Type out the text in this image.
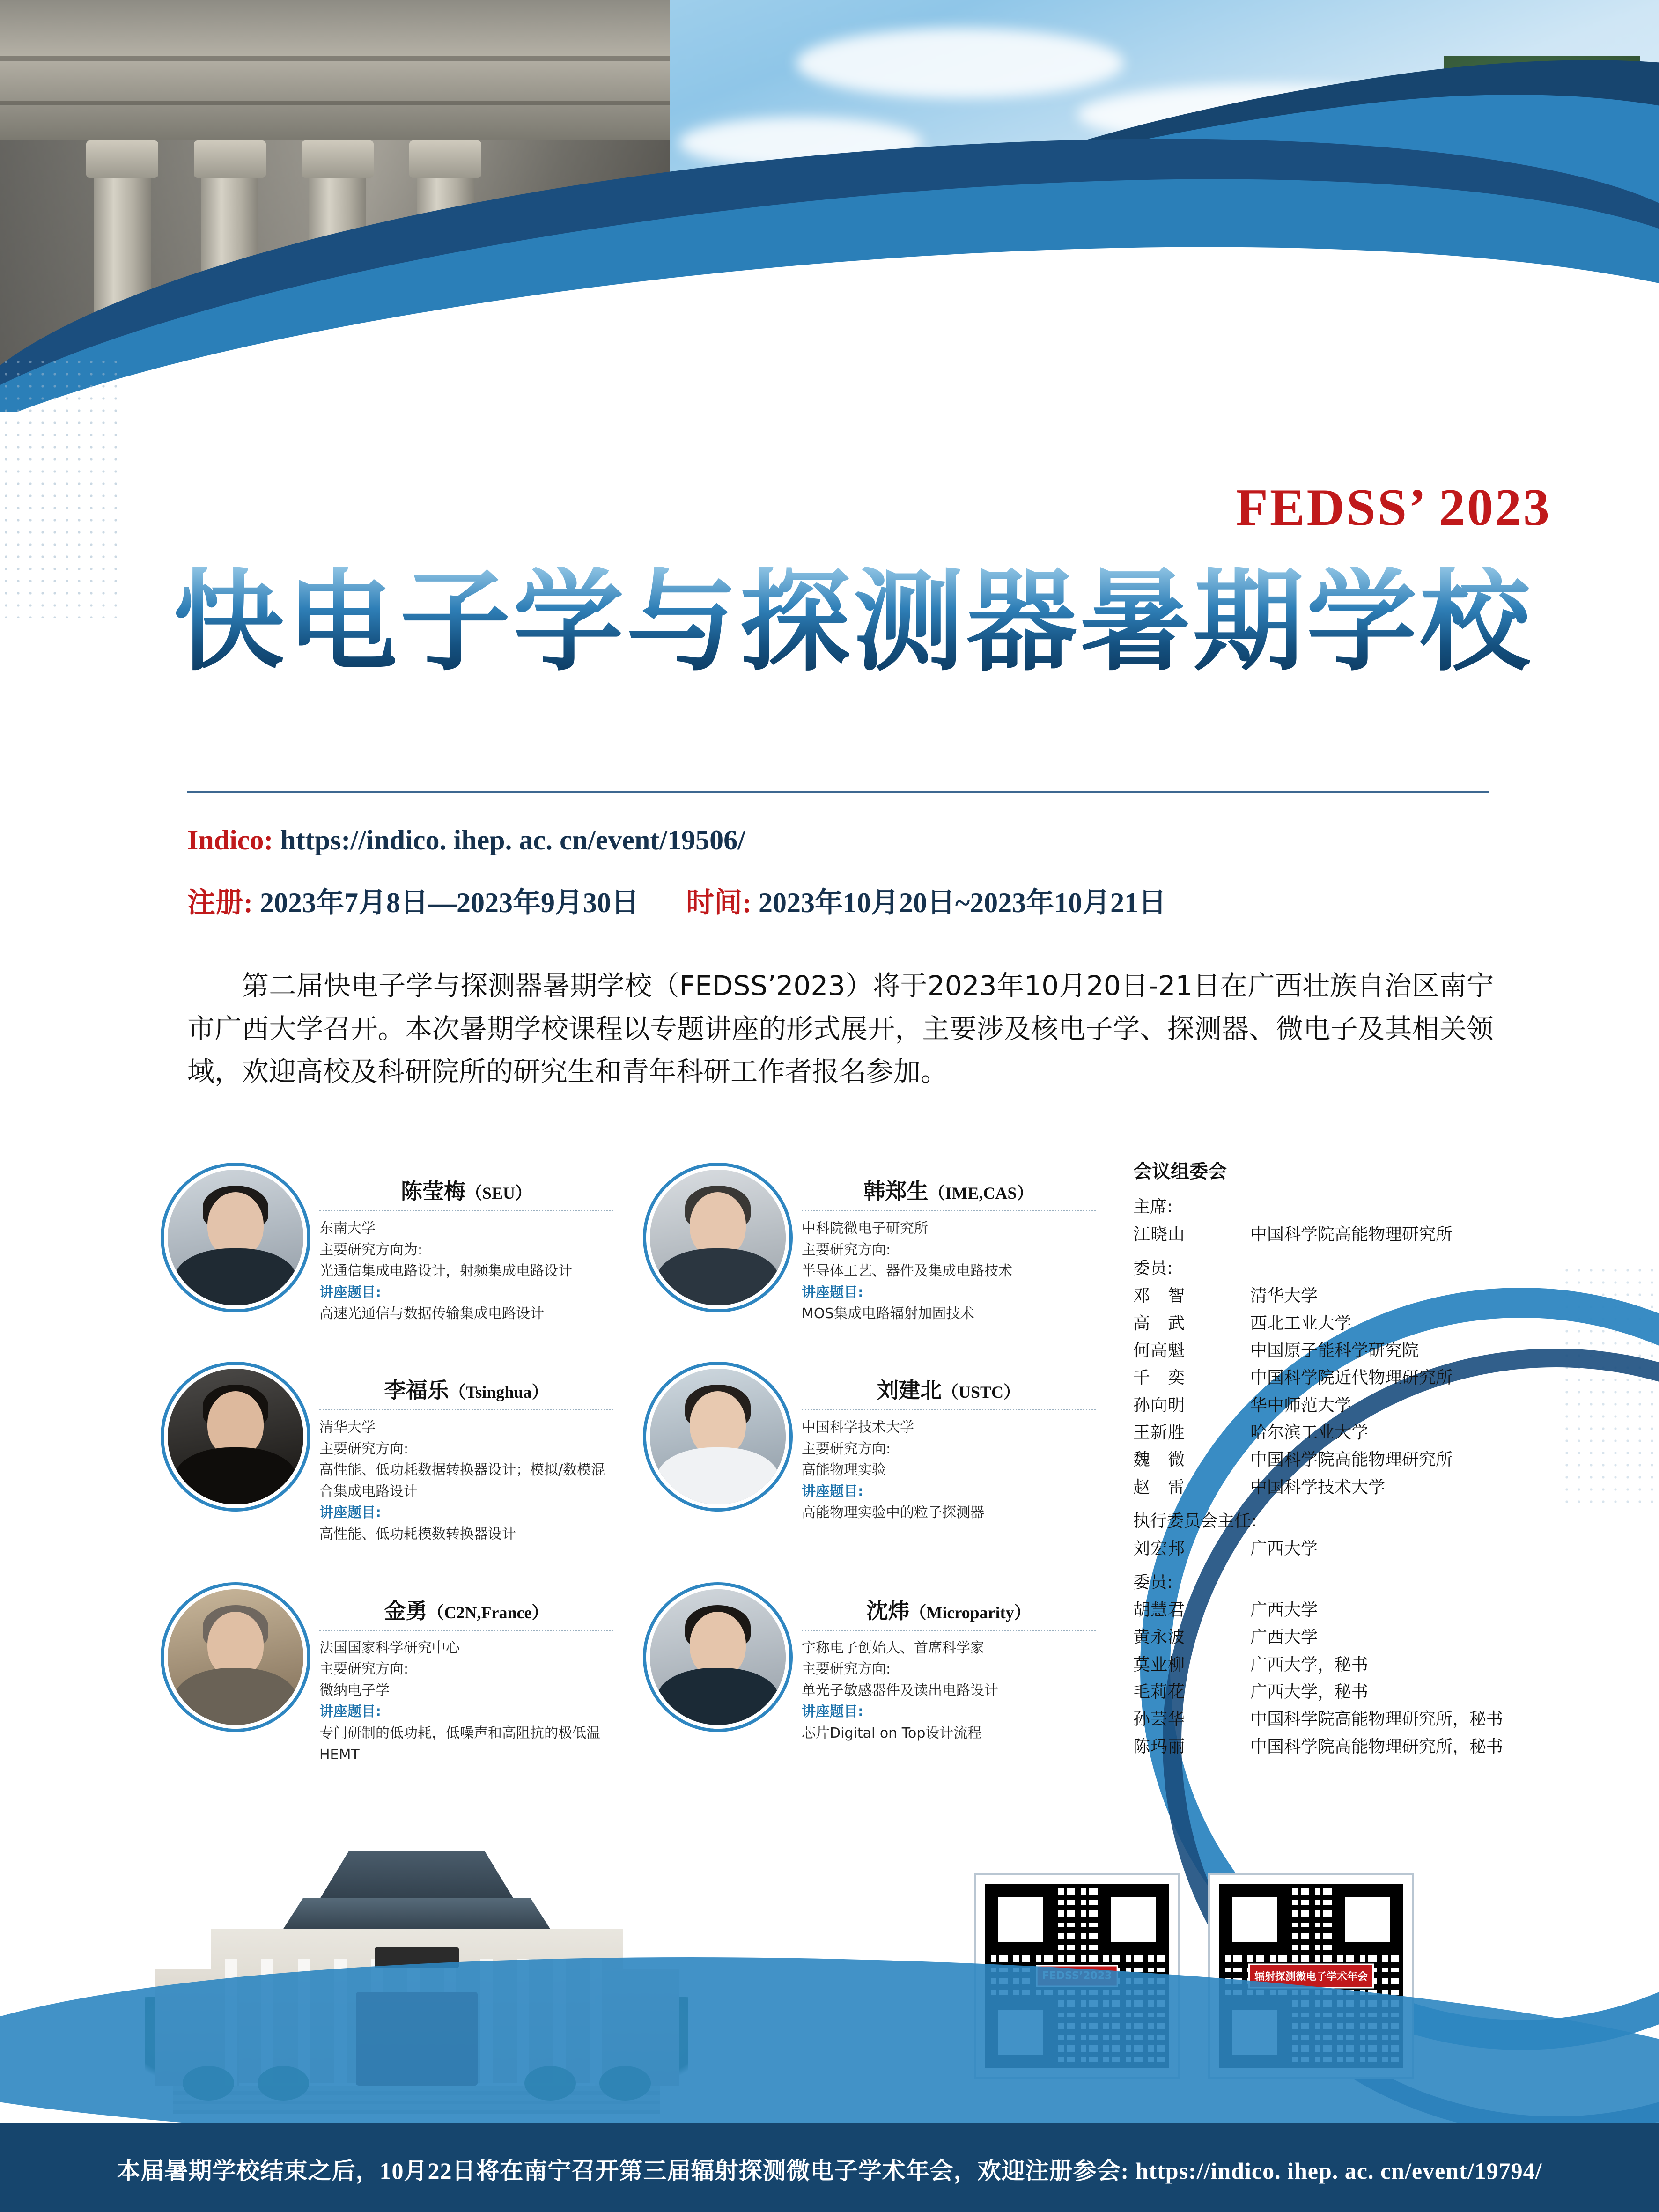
FEDSS’ 2023
快电子学与探测器暑期学校
Indico: https://indico. ihep. ac. cn/event/19506/
注册: 2023年7月8日—2023年9月30日 时间: 2023年10月20日~2023年10月21日
第二届快电子学与探测器暑期学校（FEDSS’2023）将于2023年10月20日-21日在广西壮族自治区南宁市广西大学召开。本次暑期学校课程以专题讲座的形式展开，主要涉及核电子学、探测器、微电子及其相关领域，欢迎高校及科研院所的研究生和青年科研工作者报名参加。
陈莹梅（SEU）
东南大学
主要研究方向为:
光通信集成电路设计，射频集成电路设计
讲座题目:
高速光通信与数据传输集成电路设计
韩郑生（IME,CAS）
中科院微电子研究所
主要研究方向:
半导体工艺、器件及集成电路技术
讲座题目:
MOS集成电路辐射加固技术
李福乐（Tsinghua）
清华大学
主要研究方向:
高性能、低功耗数据转换器设计；模拟/数模混合集成电路设计
讲座题目:
高性能、低功耗模数转换器设计
刘建北（USTC）
中国科学技术大学
主要研究方向:
高能物理实验
讲座题目:
高能物理实验中的粒子探测器
金勇（C2N,France）
法国国家科学研究中心
主要研究方向:
微纳电子学
讲座题目:
专门研制的低功耗，低噪声和高阻抗的极低温HEMT
沈炜（Microparity）
宇称电子创始人、首席科学家
主要研究方向:
单光子敏感器件及读出电路设计
讲座题目:
芯片Digital on Top设计流程
会议组委会
主席:
江晓山	中国科学院高能物理研究所
委员:
邓　智	清华大学
高　武	西北工业大学
何高魁	中国原子能科学研究院
千　奕	中国科学院近代物理研究所
孙向明	华中师范大学
王新胜	哈尔滨工业大学
魏　微	中国科学院高能物理研究所
赵　雷	中国科学技术大学
执行委员会主任:
刘宏邦	广西大学
委员:
胡慧君	广西大学
黄永波	广西大学
莫业柳	广西大学，秘书
毛莉花	广西大学，秘书
孙芸华	中国科学院高能物理研究所，秘书
陈玛丽	中国科学院高能物理研究所，秘书
辐射探测微电子学术年会
本届暑期学校结束之后，10月22日将在南宁召开第三届辐射探测微电子学术年会，欢迎注册参会: https://indico. ihep. ac. cn/event/19794/
